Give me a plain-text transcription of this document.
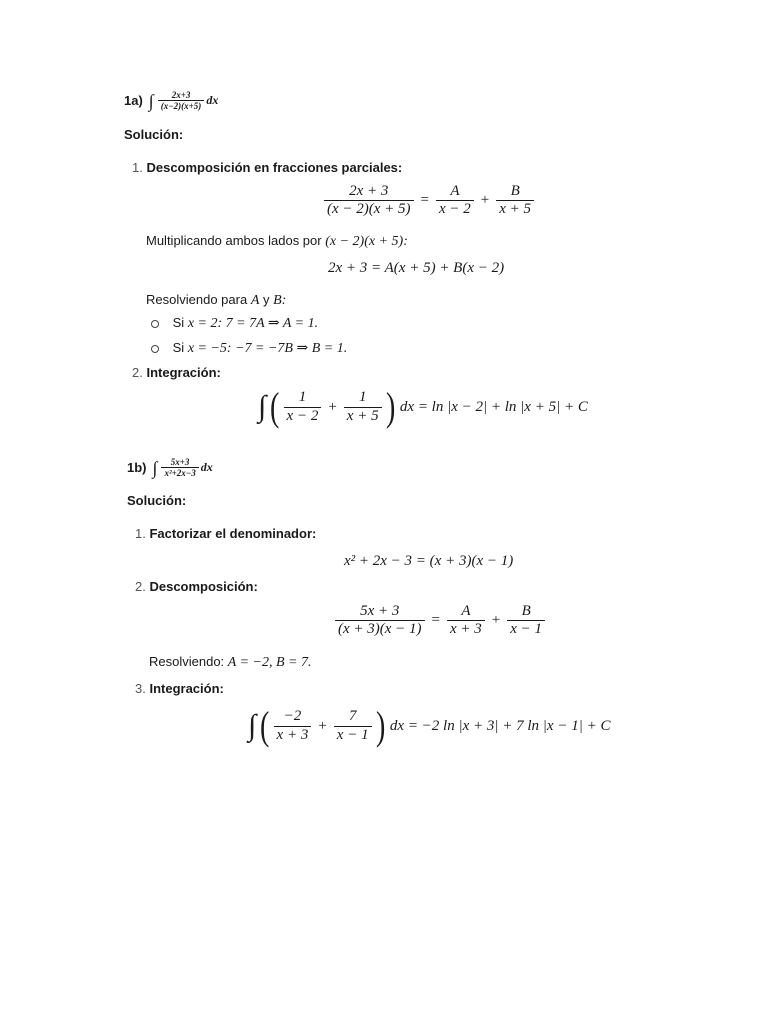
1a) ∫ $\frac{2x+3}{(x-2)(x+5)}$ dx
Solución:
1. Descomposición en fracciones parciales:
$\frac{2x + 3}{(x - 2)(x + 5)} = \frac{A}{x - 2} + \frac{B}{x + 5}$
Multiplicando ambos lados por (x − 2)(x + 5):
2x + 3 = A(x + 5) + B(x − 2)
Resolviendo para A y B:
Si x = 2: 7 = 7A ⇒ A = 1.
Si x = −5: −7 = −7B ⇒ B = 1.
2. Integración:
∫ ( $\frac{1}{x - 2} + \frac{1}{x + 5}$ ) dx = ln |x − 2| + ln |x + 5| + C
1b) ∫ $\frac{5x+3}{\text{x²+2x−3}}$ dx
Solución:
1. Factorizar el denominador:
x² + 2x − 3 = (x + 3)(x − 1)
2. Descomposición:
$\frac{5x + 3}{(x + 3)(x - 1)} = \frac{A}{x + 3} + \frac{B}{x - 1}$
Resolviendo: A = −2, B = 7.
3. Integración:
∫ ( $\frac{-2}{x + 3} + \frac{7}{x - 1}$ ) dx = −2 ln |x + 3| + 7 ln |x − 1| + C
